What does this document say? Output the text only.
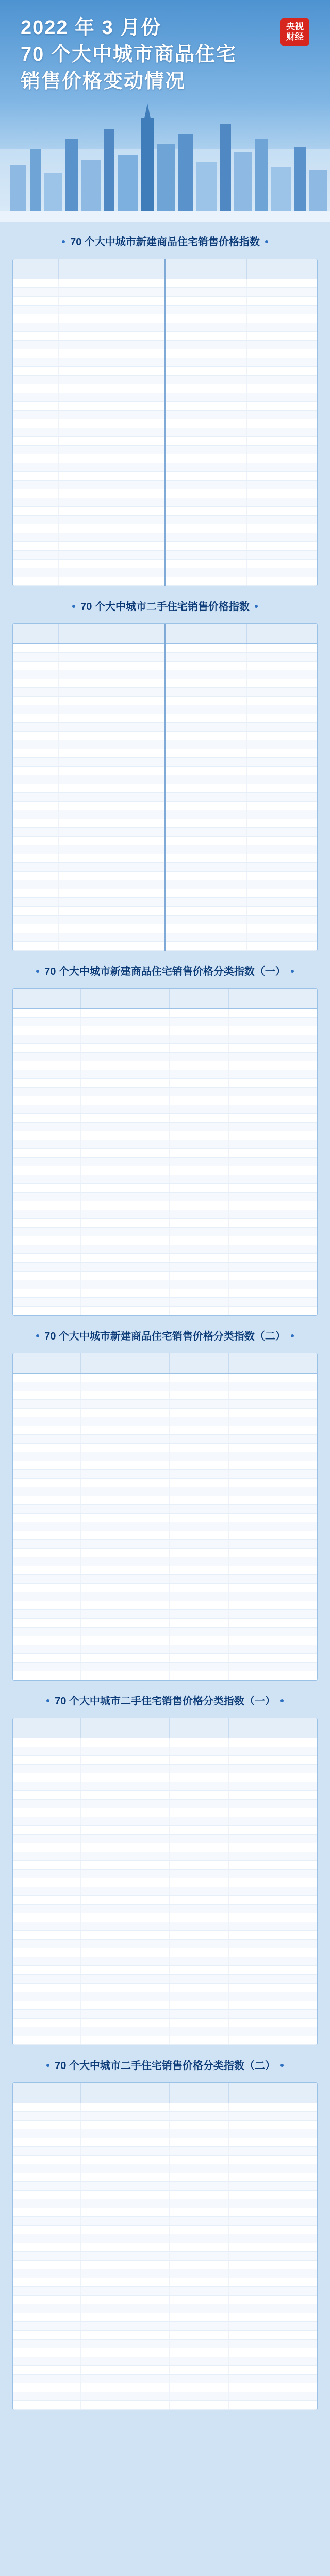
2022 年 3 月份
70 个大中城市商品住宅
销售价格变动情况
央视
财经
70 个大中城市新建商品住宅销售价格指数
70 个大中城市二手住宅销售价格指数
70 个大中城市新建商品住宅销售价格分类指数（一）
70 个大中城市新建商品住宅销售价格分类指数（二）
70 个大中城市二手住宅销售价格分类指数（一）
70 个大中城市二手住宅销售价格分类指数（二）
